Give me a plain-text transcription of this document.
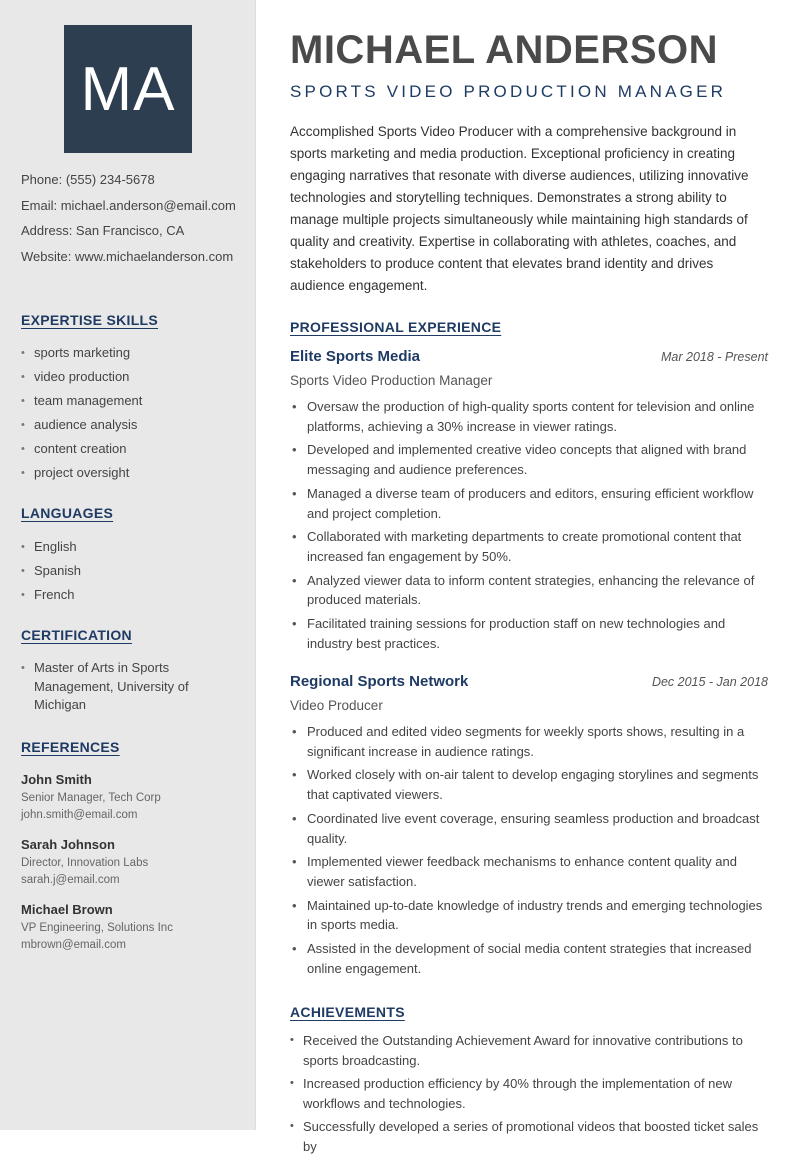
MA
Phone: (555) 234-5678
Email: michael.anderson@email.com
Address: San Francisco, CA
Website: www.michaelanderson.com
EXPERTISE SKILLS
• sports marketing
• video production
• team management
• audience analysis
• content creation
• project oversight
LANGUAGES
• English
• Spanish
• French
CERTIFICATION
• Master of Arts in Sports Management, University of Michigan
REFERENCES
John Smith
Senior Manager, Tech Corp
john.smith@email.com
Sarah Johnson
Director, Innovation Labs
sarah.j@email.com
Michael Brown
VP Engineering, Solutions Inc
mbrown@email.com
MICHAEL ANDERSON
SPORTS VIDEO PRODUCTION MANAGER

Accomplished Sports Video Producer with a comprehensive background in sports marketing and media production. Exceptional proficiency in creating engaging narratives that resonate with diverse audiences, utilizing innovative technologies and storytelling techniques. Demonstrates a strong ability to manage multiple projects simultaneously while maintaining high standards of quality and creativity. Expertise in collaborating with athletes, coaches, and stakeholders to produce content that elevates brand identity and drives audience engagement.

PROFESSIONAL EXPERIENCE
Elite Sports Media	Mar 2018 - Present
Sports Video Production Manager
• Oversaw the production of high-quality sports content for television and online platforms, achieving a 30% increase in viewer ratings.
• Developed and implemented creative video concepts that aligned with brand messaging and audience preferences.
• Managed a diverse team of producers and editors, ensuring efficient workflow and project completion.
• Collaborated with marketing departments to create promotional content that increased fan engagement by 50%.
• Analyzed viewer data to inform content strategies, enhancing the relevance of produced materials.
• Facilitated training sessions for production staff on new technologies and industry best practices.
Regional Sports Network	Dec 2015 - Jan 2018
Video Producer
• Produced and edited video segments for weekly sports shows, resulting in a significant increase in audience ratings.
• Worked closely with on-air talent to develop engaging storylines and segments that captivated viewers.
• Coordinated live event coverage, ensuring seamless production and broadcast quality.
• Implemented viewer feedback mechanisms to enhance content quality and viewer satisfaction.
• Maintained up-to-date knowledge of industry trends and emerging technologies in sports media.
• Assisted in the development of social media content strategies that increased online engagement.
ACHIEVEMENTS
• Received the Outstanding Achievement Award for innovative contributions to sports broadcasting.
• Increased production efficiency by 40% through the implementation of new workflows and technologies.
• Successfully developed a series of promotional videos that boosted ticket sales by
